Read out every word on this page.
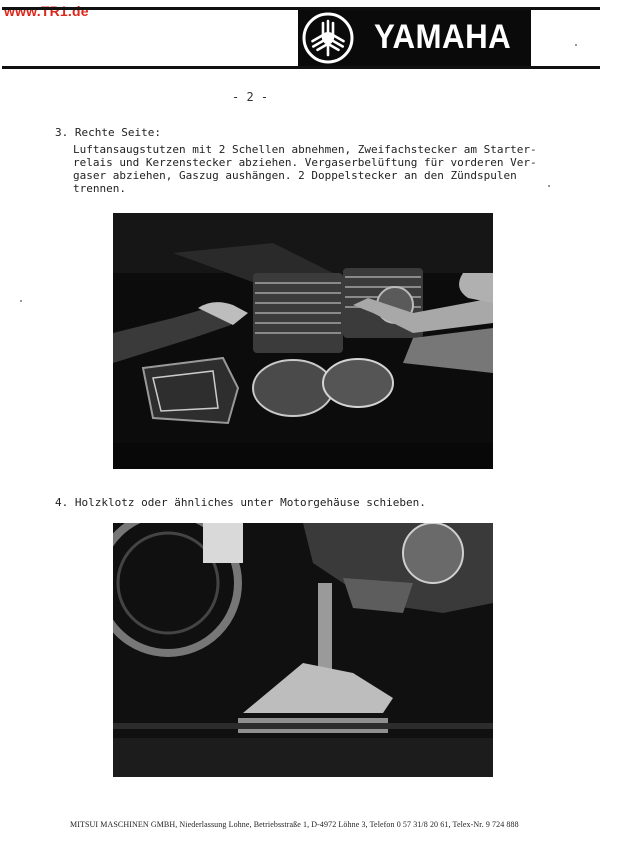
www.TR1.de
YAMAHA
- 2 -
3. Rechte Seite:
Luftansaugstutzen mit 2 Schellen abnehmen, Zweifachstecker am Starter-
relais und Kerzenstecker abziehen. Vergaserbelüftung für vorderen Ver-
gaser abziehen, Gaszug aushängen. 2 Doppelstecker an den Zündspulen
trennen.
4. Holzklotz oder ähnliches unter Motorgehäuse schieben.
MITSUI MASCHINEN GMBH, Niederlassung Lohne, Betriebsstraße 1, D-4972 Löhne 3, Telefon 0 57 31/8 20 61, Telex-Nr. 9 724 888
